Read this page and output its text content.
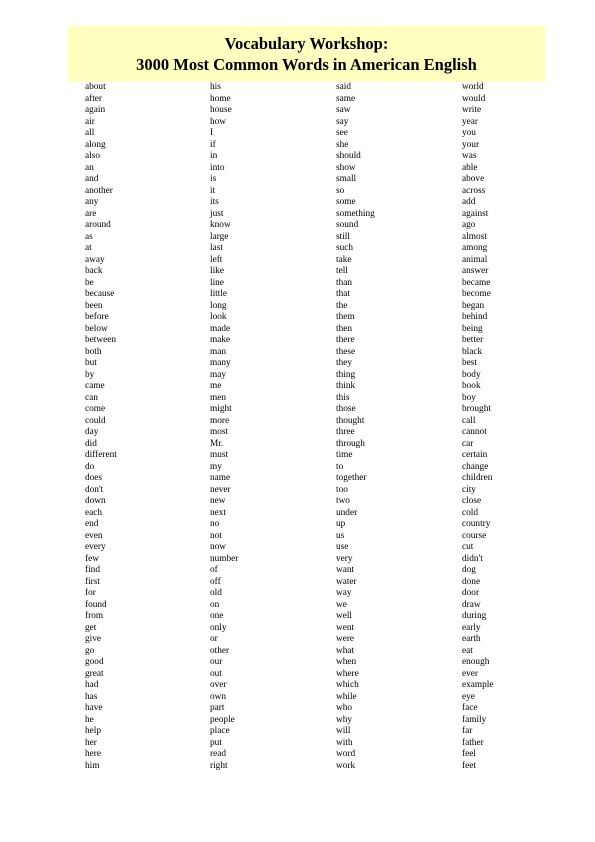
Vocabulary Workshop:
3000 Most Common Words in American English
about
after
again
air
all
along
also
an
and
another
any
are
around
as
at
away
back
be
because
been
before
below
between
both
but
by
came
can
come
could
day
did
different
do
does
don't
down
each
end
even
every
few
find
first
for
found
from
get
give
go
good
great
had
has
have
he
help
her
here
him
his
home
house
how
I
if
in
into
is
it
its
just
know
large
last
left
like
line
little
long
look
made
make
man
many
may
me
men
might
more
most
Mr.
must
my
name
never
new
next
no
not
now
number
of
off
old
on
one
only
or
other
our
out
over
own
part
people
place
put
read
right
said
same
saw
say
see
she
should
show
small
so
some
something
sound
still
such
take
tell
than
that
the
them
then
there
these
they
thing
think
this
those
thought
three
through
time
to
together
too
two
under
up
us
use
very
want
water
way
we
well
went
were
what
when
where
which
while
who
why
will
with
word
work
world
would
write
year
you
your
was
able
above
across
add
against
ago
almost
among
animal
answer
became
become
began
behind
being
better
black
best
body
book
boy
brought
call
cannot
car
certain
change
children
city
close
cold
country
course
cut
didn't
dog
done
door
draw
during
early
earth
eat
enough
ever
example
eye
face
family
far
father
feel
feet
